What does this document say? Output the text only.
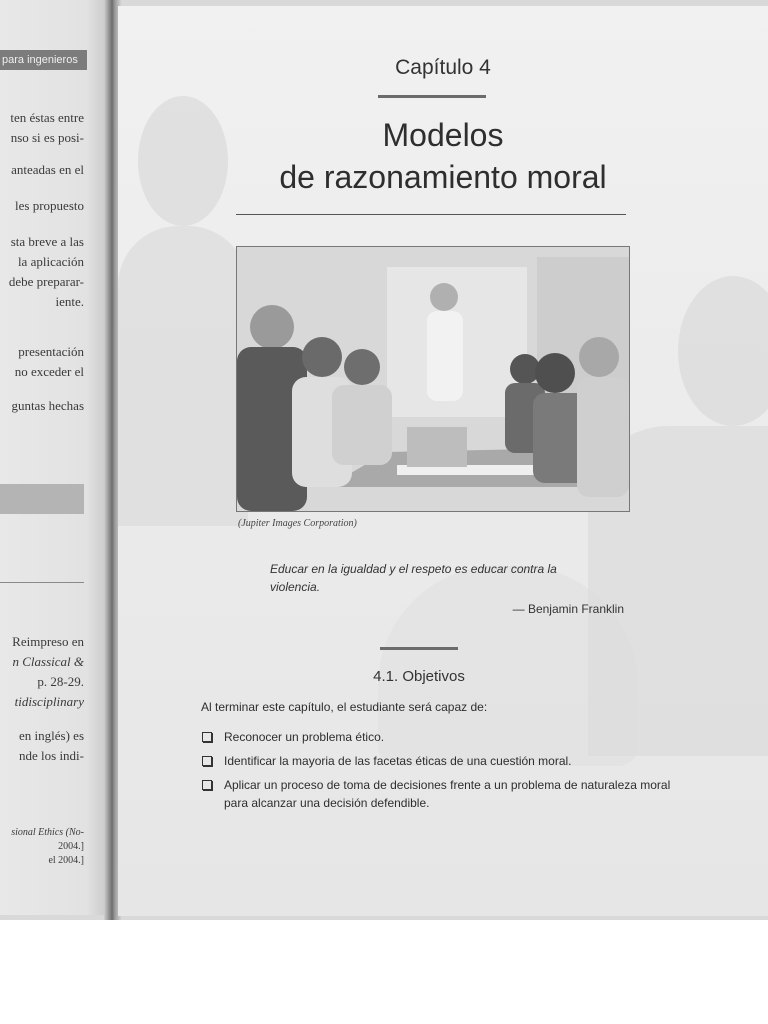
para ingenieros
ten éstas entre
nso si es posi-
anteadas en el
les propuesto
sta breve a las
la aplicación
debe preparar-
iente.
presentación
no exceder el
guntas hechas
Reimpreso en
n Classical &
p. 28-29.
tidisciplinary
en inglés) es
nde los indi-
sional Ethics (No-
2004.]
el 2004.]
Capítulo 4
Modelos
de razonamiento moral
(Jupiter Images Corporation)
Educar en la igualdad y el respeto es educar contra la violencia.
— Benjamin Franklin
4.1. Objetivos
Al terminar este capítulo, el estudiante será capaz de:
Reconocer un problema ético.
Identificar la mayoria de las facetas éticas de una cuestión moral.
Aplicar un proceso de toma de decisiones frente a un problema de naturaleza moral para alcanzar una decisión defendible.
